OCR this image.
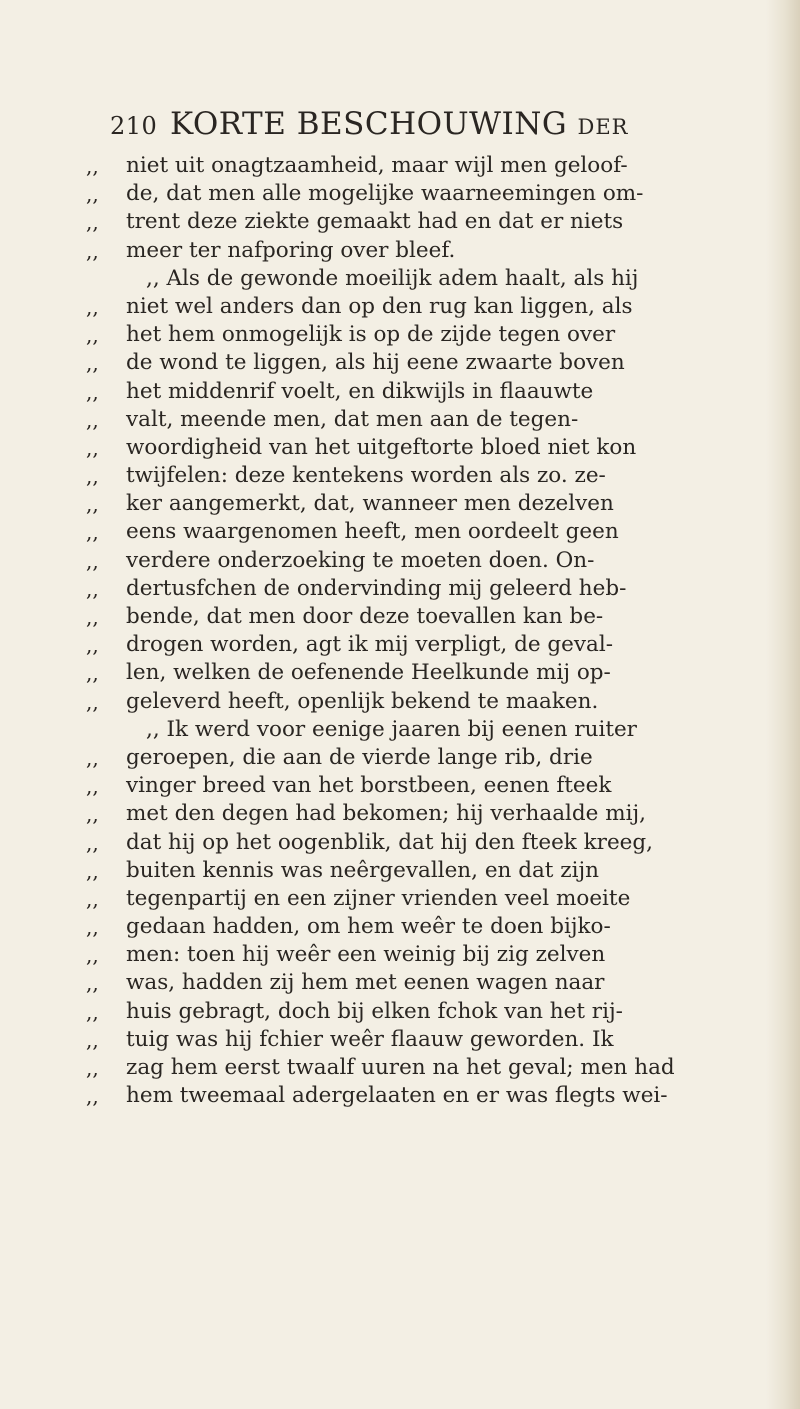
210 KORTE BESCHOUWING DER
,,	niet uit onagtzaamheid, maar wijl men geloof-
,,	de, dat men alle mogelijke waarneemingen om-
,,	trent deze ziekte gemaakt had en dat er niets
,,	meer ter nafporing over bleef.
,, Als de gewonde moeilijk adem haalt, als hij
,,	niet wel anders dan op den rug kan liggen, als
,,	het hem onmogelijk is op de zijde tegen over
,,	de wond te liggen, als hij eene zwaarte boven
,,	het middenrif voelt, en dikwijls in flaauwte
,,	valt, meende men, dat men aan de tegen-
,,	woordigheid van het uitgeftorte bloed niet kon
,,	twijfelen: deze kentekens worden als zo. ze-
,,	ker aangemerkt, dat, wanneer men dezelven
,,	eens waargenomen heeft, men oordeelt geen
,,	verdere onderzoeking te moeten doen. On-
,,	dertusfchen de ondervinding mij geleerd heb-
,,	bende, dat men door deze toevallen kan be-
,,	drogen worden, agt ik mij verpligt, de geval-
,,	len, welken de oefenende Heelkunde mij op-
,,	geleverd heeft, openlijk bekend te maaken.
,, Ik werd voor eenige jaaren bij eenen ruiter
,,	geroepen, die aan de vierde lange rib, drie
,,	vinger breed van het borstbeen, eenen fteek
,,	met den degen had bekomen; hij verhaalde mij,
,,	dat hij op het oogenblik, dat hij den fteek kreeg,
,,	buiten kennis was neêrgevallen, en dat zijn
,,	tegenpartij en een zijner vrienden veel moeite
,,	gedaan hadden, om hem weêr te doen bijko-
,,	men: toen hij weêr een weinig bij zig zelven
,,	was, hadden zij hem met eenen wagen naar
,,	huis gebragt, doch bij elken fchok van het rij-
,,	tuig was hij fchier weêr flaauw geworden. Ik
,,	zag hem eerst twaalf uuren na het geval; men had
,,	hem tweemaal adergelaaten en er was flegts wei-
